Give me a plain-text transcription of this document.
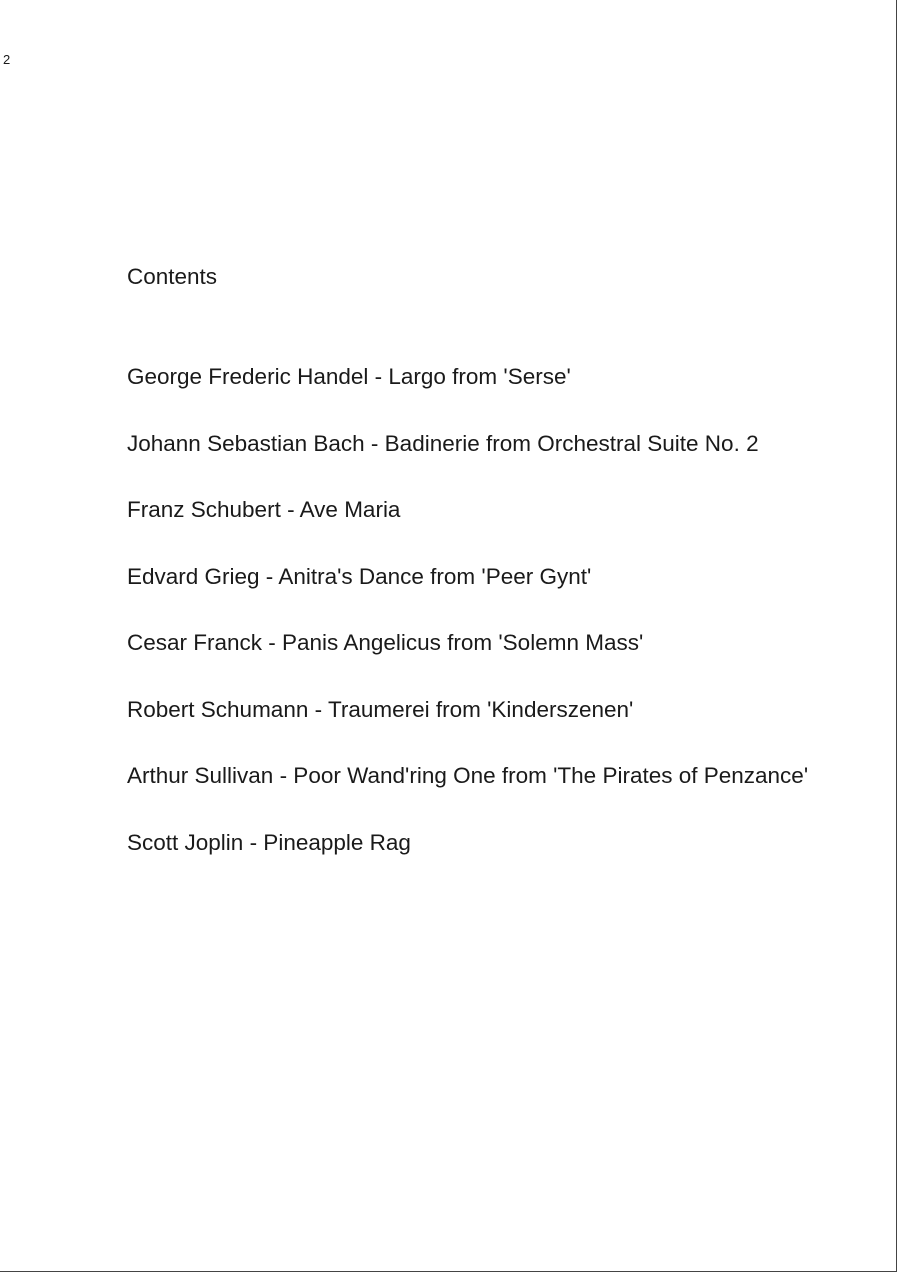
2
Contents
George Frederic Handel - Largo from 'Serse'
Johann Sebastian Bach - Badinerie from Orchestral Suite No. 2
Franz Schubert - Ave Maria
Edvard Grieg - Anitra's Dance from 'Peer Gynt'
Cesar Franck - Panis Angelicus from 'Solemn Mass'
Robert Schumann - Traumerei from 'Kinderszenen'
Arthur Sullivan - Poor Wand'ring One from 'The Pirates of Penzance'
Scott Joplin - Pineapple Rag
